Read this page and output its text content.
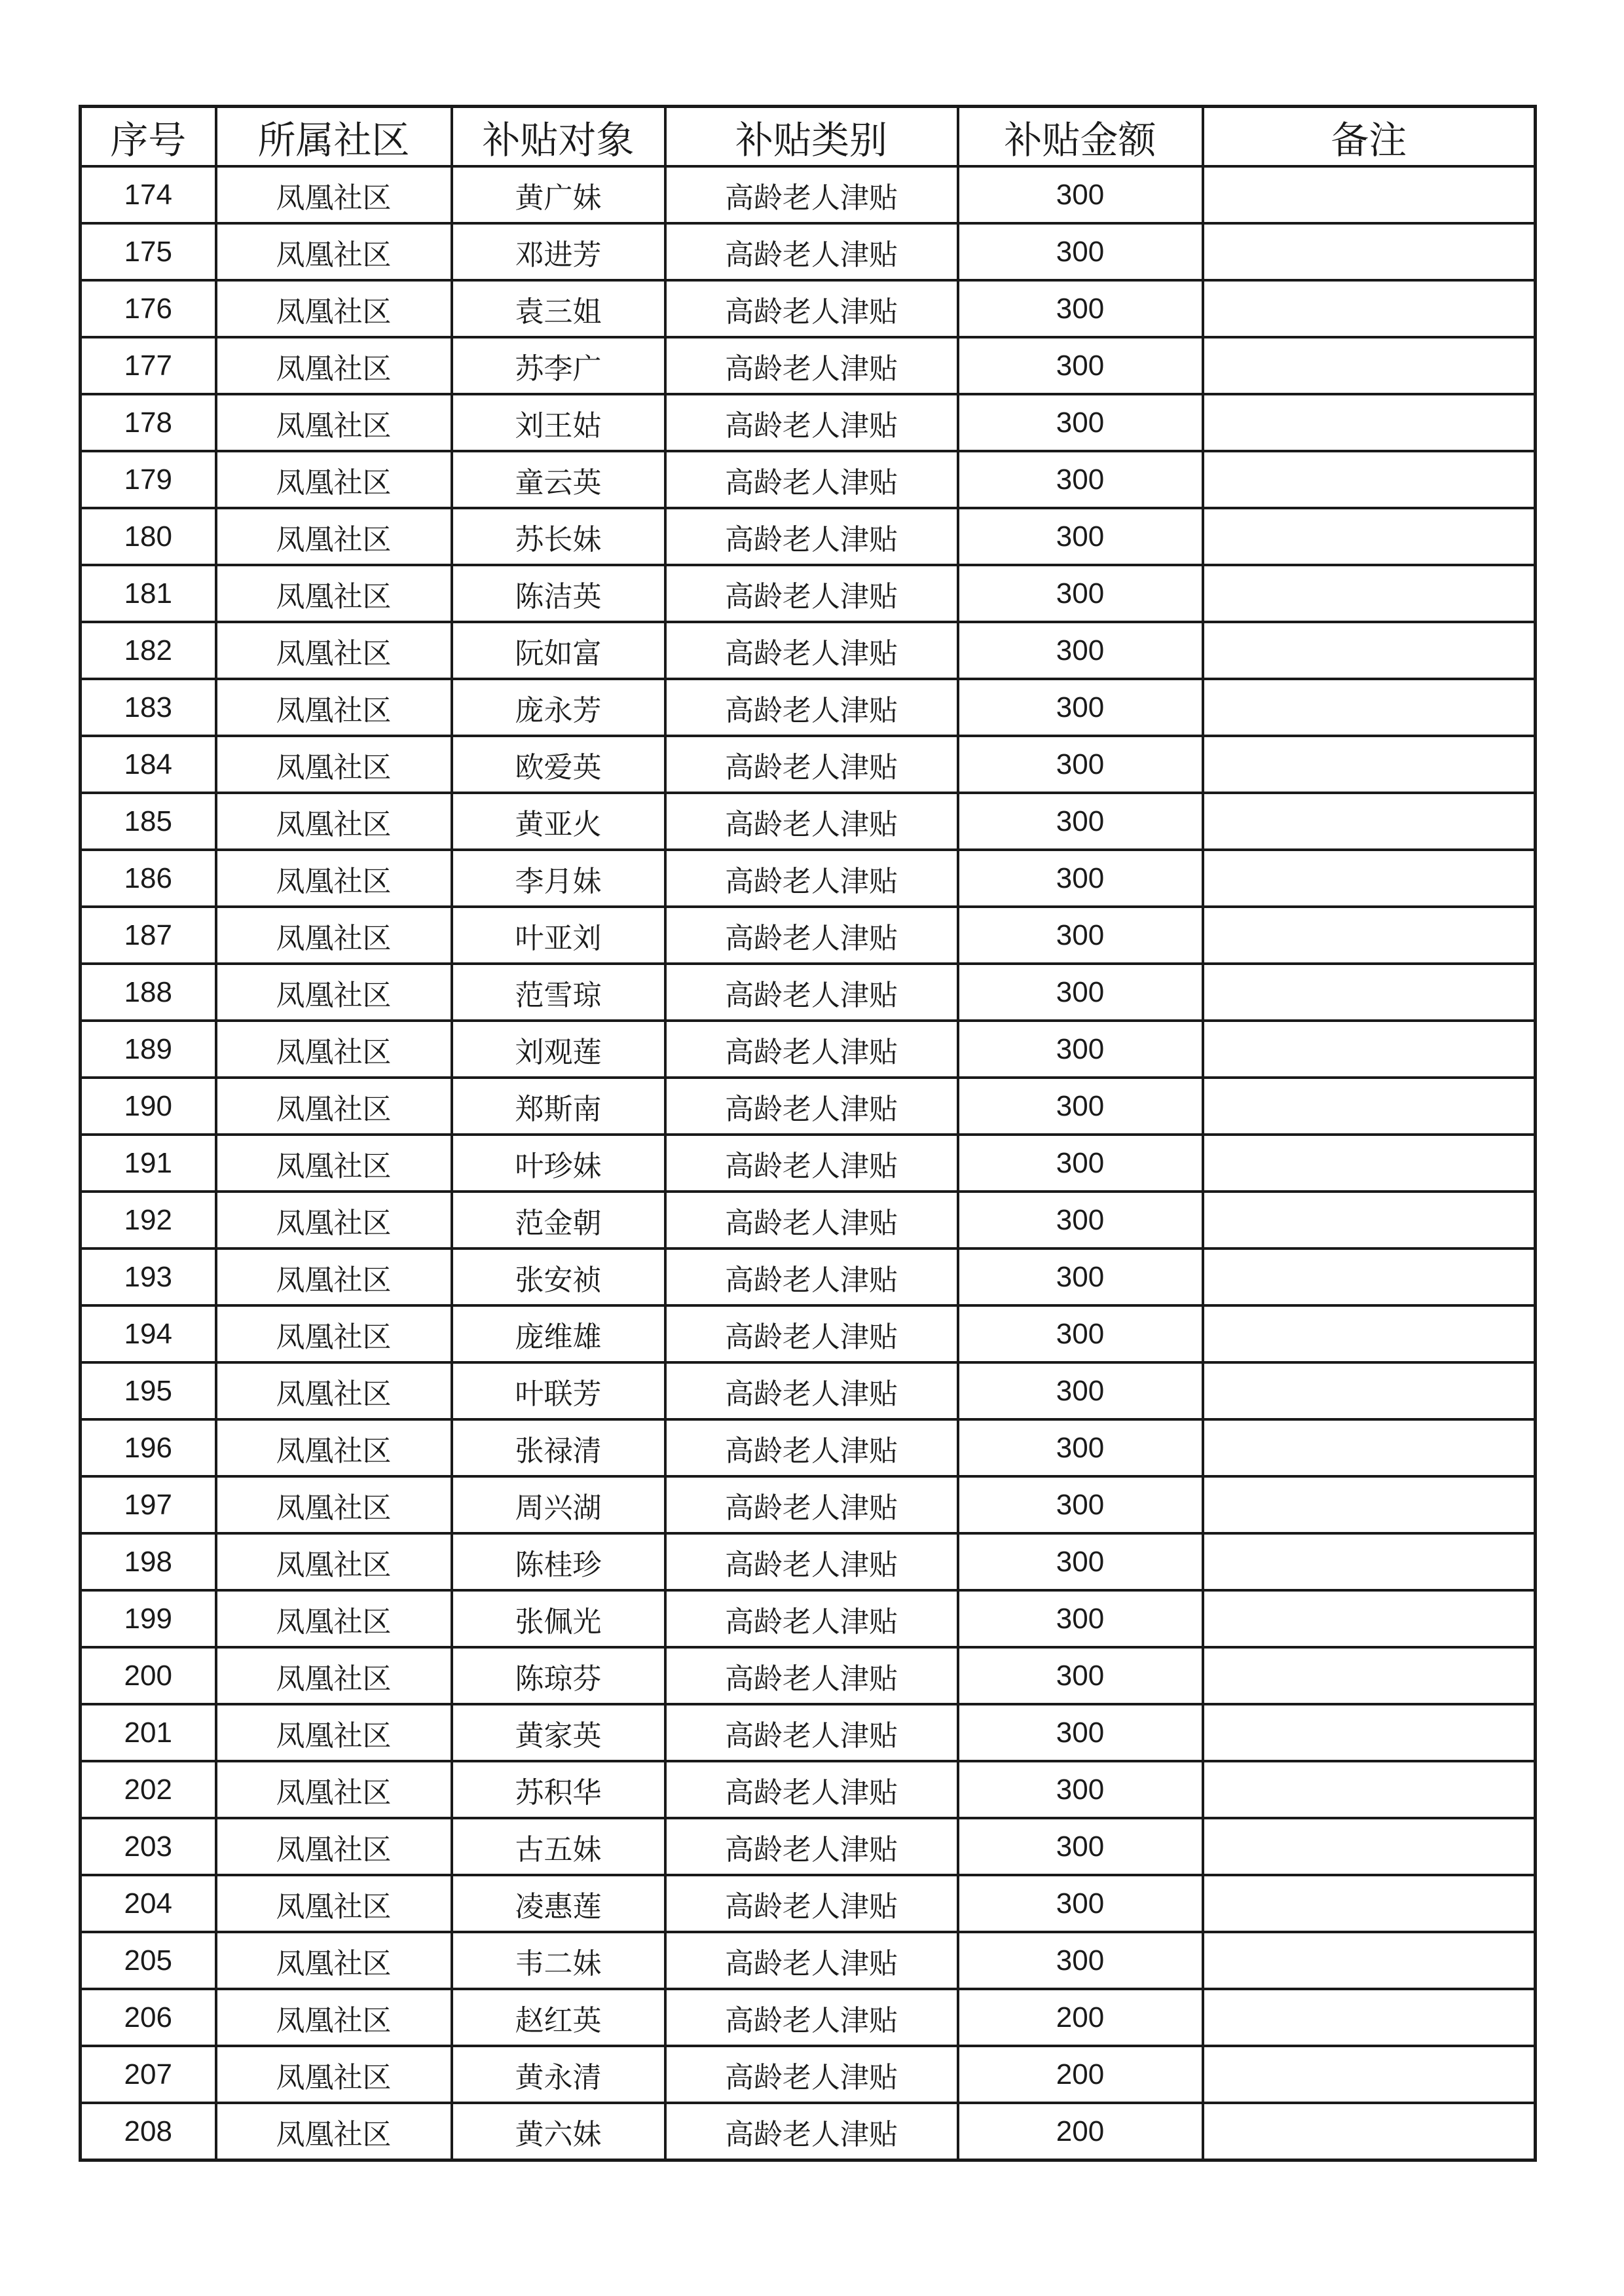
序号	所属社区	补贴对象	补贴类别	补贴金额	备注
174	凤凰社区	黄广妹	高龄老人津贴	300	
175	凤凰社区	邓进芳	高龄老人津贴	300	
176	凤凰社区	袁三姐	高龄老人津贴	300	
177	凤凰社区	苏李广	高龄老人津贴	300	
178	凤凰社区	刘王姑	高龄老人津贴	300	
179	凤凰社区	童云英	高龄老人津贴	300	
180	凤凰社区	苏长妹	高龄老人津贴	300	
181	凤凰社区	陈洁英	高龄老人津贴	300	
182	凤凰社区	阮如富	高龄老人津贴	300	
183	凤凰社区	庞永芳	高龄老人津贴	300	
184	凤凰社区	欧爱英	高龄老人津贴	300	
185	凤凰社区	黄亚火	高龄老人津贴	300	
186	凤凰社区	李月妹	高龄老人津贴	300	
187	凤凰社区	叶亚刘	高龄老人津贴	300	
188	凤凰社区	范雪琼	高龄老人津贴	300	
189	凤凰社区	刘观莲	高龄老人津贴	300	
190	凤凰社区	郑斯南	高龄老人津贴	300	
191	凤凰社区	叶珍妹	高龄老人津贴	300	
192	凤凰社区	范金朝	高龄老人津贴	300	
193	凤凰社区	张安祯	高龄老人津贴	300	
194	凤凰社区	庞维雄	高龄老人津贴	300	
195	凤凰社区	叶联芳	高龄老人津贴	300	
196	凤凰社区	张禄清	高龄老人津贴	300	
197	凤凰社区	周兴湖	高龄老人津贴	300	
198	凤凰社区	陈桂珍	高龄老人津贴	300	
199	凤凰社区	张佩光	高龄老人津贴	300	
200	凤凰社区	陈琼芬	高龄老人津贴	300	
201	凤凰社区	黄家英	高龄老人津贴	300	
202	凤凰社区	苏积华	高龄老人津贴	300	
203	凤凰社区	古五妹	高龄老人津贴	300	
204	凤凰社区	凌惠莲	高龄老人津贴	300	
205	凤凰社区	韦二妹	高龄老人津贴	300	
206	凤凰社区	赵红英	高龄老人津贴	200	
207	凤凰社区	黄永清	高龄老人津贴	200	
208	凤凰社区	黄六妹	高龄老人津贴	200	
